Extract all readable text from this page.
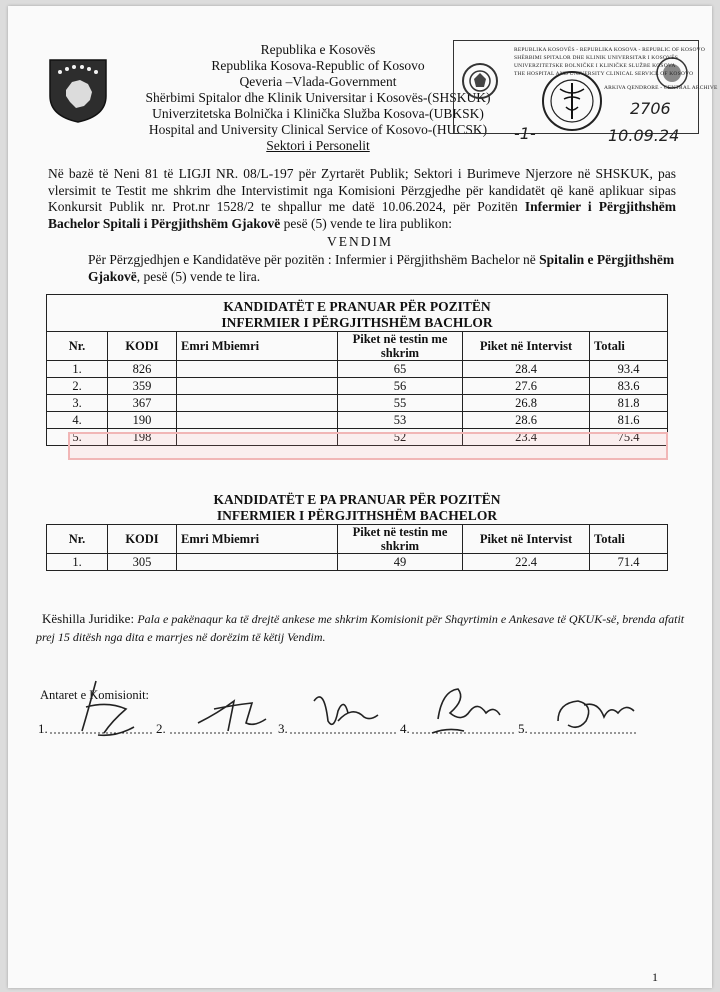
Republika e Kosovës
Republika Kosova-Republic of Kosovo
Qeveria –Vlada-Government
Shërbimi Spitalor dhe Klinik Universitar i Kosovës-(SHSKUK)
Univerzitetska Bolnička i Klinička Služba Kosova-(UBKSK)
Hospital and University Clinical Service of Kosovo-(HUCSK)
Sektori i Personelit
REPUBLIKA KOSOVËS - REPUBLIKA KOSOVA - REPUBLIC OF KOSOVO
SHËRBIMI SPITALOR DHE KLINIK UNIVERSITAR I KOSOVËS
UNIVERZITETSKE BOLNIČKE I KLINIČKE SLUŽBE KOSOVA
THE HOSPITAL AND UNIVERSITY CLINICAL SERVICE OF KOSOVO
ARKIVA QENDRORE - CENTRAL ARCHIVE
2706
-1-	10.09.24
Në bazë të Neni 81 të LIGJI NR. 08/L-197 për Zyrtarët Publik; Sektori i Burimeve Njerzore në SHSKUK, pas vlersimit te Testit me shkrim dhe Intervistimit nga Komisioni Përzgjedhe për kandidatët që kanë aplikuar sipas Konkursit Publik nr. Prot.nr 1528/2 te shpallur me datë 10.06.2024, për Pozitën Infermier i Përgjithshëm Bachelor Spitali i Përgjithshëm Gjakovë pesë (5) vende te lira publikon:
VENDIM
Për Përzgjedhjen e Kandidatëve për pozitën : Infermier i Përgjithshëm Bachelor në Spitalin e Përgjithshëm Gjakovë, pesë (5) vende te lira.
KANDIDATËT E PRANUAR PËR POZITËN					
INFERMIER I PËRGJITHSHËM BACHLOR					
Nr.	KODI	Emri Mbiemri	Piket në testin me shkrim	Piket në Intervist	Totali
1.	826		65	28.4	93.4
2.	359		56	27.6	83.6
3.	367		55	26.8	81.8
4.	190		53	28.6	81.6
5.	198		52	23.4	75.4
KANDIDATËT E PA PRANUAR PËR POZITËN					
INFERMIER I PËRGJITHSHËM BACHELOR					
Nr.	KODI	Emri Mbiemri	Piket në testin me shkrim	Piket në Intervist	Totali
1.	305		49	22.4	71.4
Këshilla Juridike: Pala e pakënaqur ka të drejtë ankese me shkrim Komisionit për Shqyrtimin e Ankesave të QKUK-së, brenda afatit prej 15 ditësh nga dita e marrjes në dorëzim të këtij Vendim.
Antaret e Komisionit:
1.	2.	3.	4.	5.
1
